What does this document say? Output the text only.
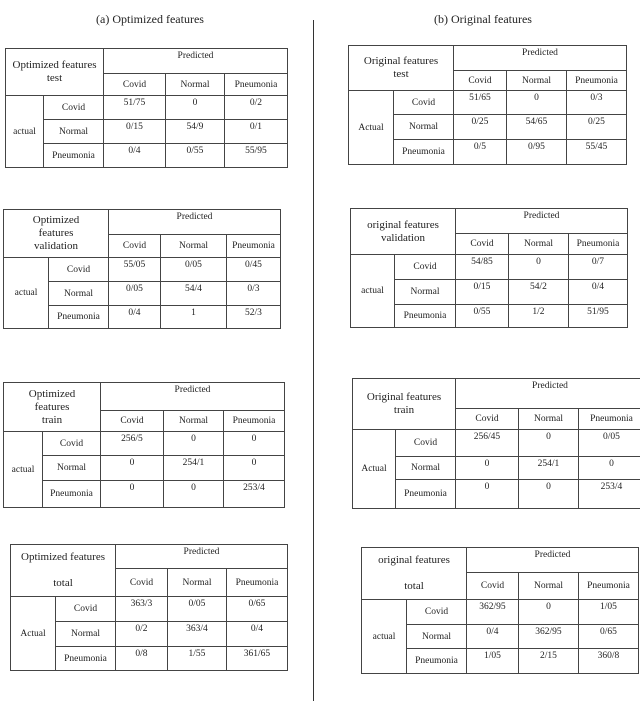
(a) Optimized features	(b) Original features
Optimized features
test		Predicted		
		Covid	Normal	Pneumonia
actual	Covid	51/75	0	0/2
	Normal	0/15	54/9	0/1
	Pneumonia	0/4	0/55	55/95
Optimized
features
validation		Predicted		
		Covid	Normal	Pneumonia
actual	Covid	55/05	0/05	0/45
	Normal	0/05	54/4	0/3
	Pneumonia	0/4	1	52/3
Optimized
features
train		Predicted		
		Covid	Normal	Pneumonia
actual	Covid	256/5	0	0
	Normal	0	254/1	0
	Pneumonia	0	0	253/4
Optimized features

total		Predicted		
		Covid	Normal	Pneumonia
Actual	Covid	363/3	0/05	0/65
	Normal	0/2	363/4	0/4
	Pneumonia	0/8	1/55	361/65
Original features
test		Predicted		
		Covid	Normal	Pneumonia
Actual	Covid	51/65	0	0/3
	Normal	0/25	54/65	0/25
	Pneumonia	0/5	0/95	55/45
original features
validation		Predicted		
		Covid	Normal	Pneumonia
actual	Covid	54/85	0	0/7
	Normal	0/15	54/2	0/4
	Pneumonia	0/55	1/2	51/95
Original features
train		Predicted		
		Covid	Normal	Pneumonia
Actual	Covid	256/45	0	0/05
	Normal	0	254/1	0
	Pneumonia	0	0	253/4
original features

total		Predicted		
		Covid	Normal	Pneumonia
actual	Covid	362/95	0	1/05
	Normal	0/4	362/95	0/65
	Pneumonia	1/05	2/15	360/8
